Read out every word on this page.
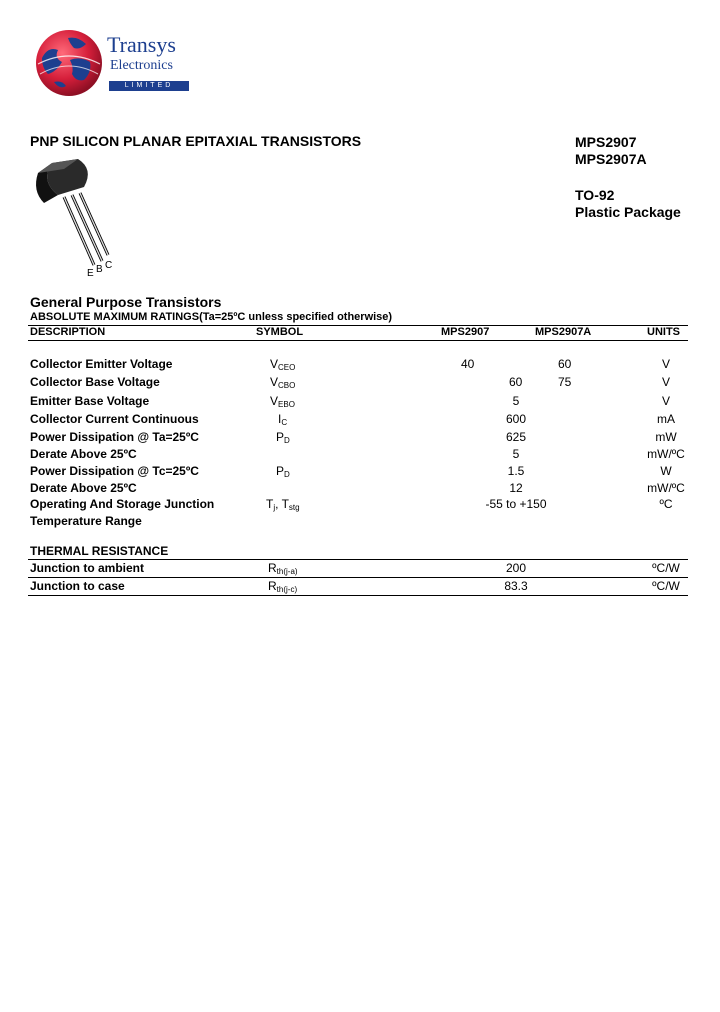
Transys
Electronics
LIMITED
PNP SILICON PLANAR EPITAXIAL TRANSISTORS	MPS2907
MPS2907A
TO-92
Plastic Package
E B C
General Purpose Transistors
ABSOLUTE MAXIMUM RATINGS(Ta=25ºC unless specified otherwise)
DESCRIPTION	SYMBOL	MPS2907	MPS2907A	UNITS
Collector Emitter Voltage	$V_{CEO}$	40	60	V
Collector Base Voltage	$V_{CBO}$	60	75	V
Emitter Base Voltage	$V_{EBO}$	5	V
Collector Current Continuous	$I_C$	600	mA
Power Dissipation @ Ta=25ºC	$P_D$	625	mW
Derate Above 25ºC	5	mW/ºC
Power Dissipation @ Tc=25ºC	$P_D$	1.5	W
Derate Above 25ºC	12	mW/ºC
Operating And Storage Junction
Temperature Range
$T_j$, $T_{stg}$	-55 to +150	ºC
THERMAL RESISTANCE
Junction to ambient	$R_{th(j-a)}$	200	ºC/W
Junction to case	$R_{th(j-c)}$	83.3	ºC/W
